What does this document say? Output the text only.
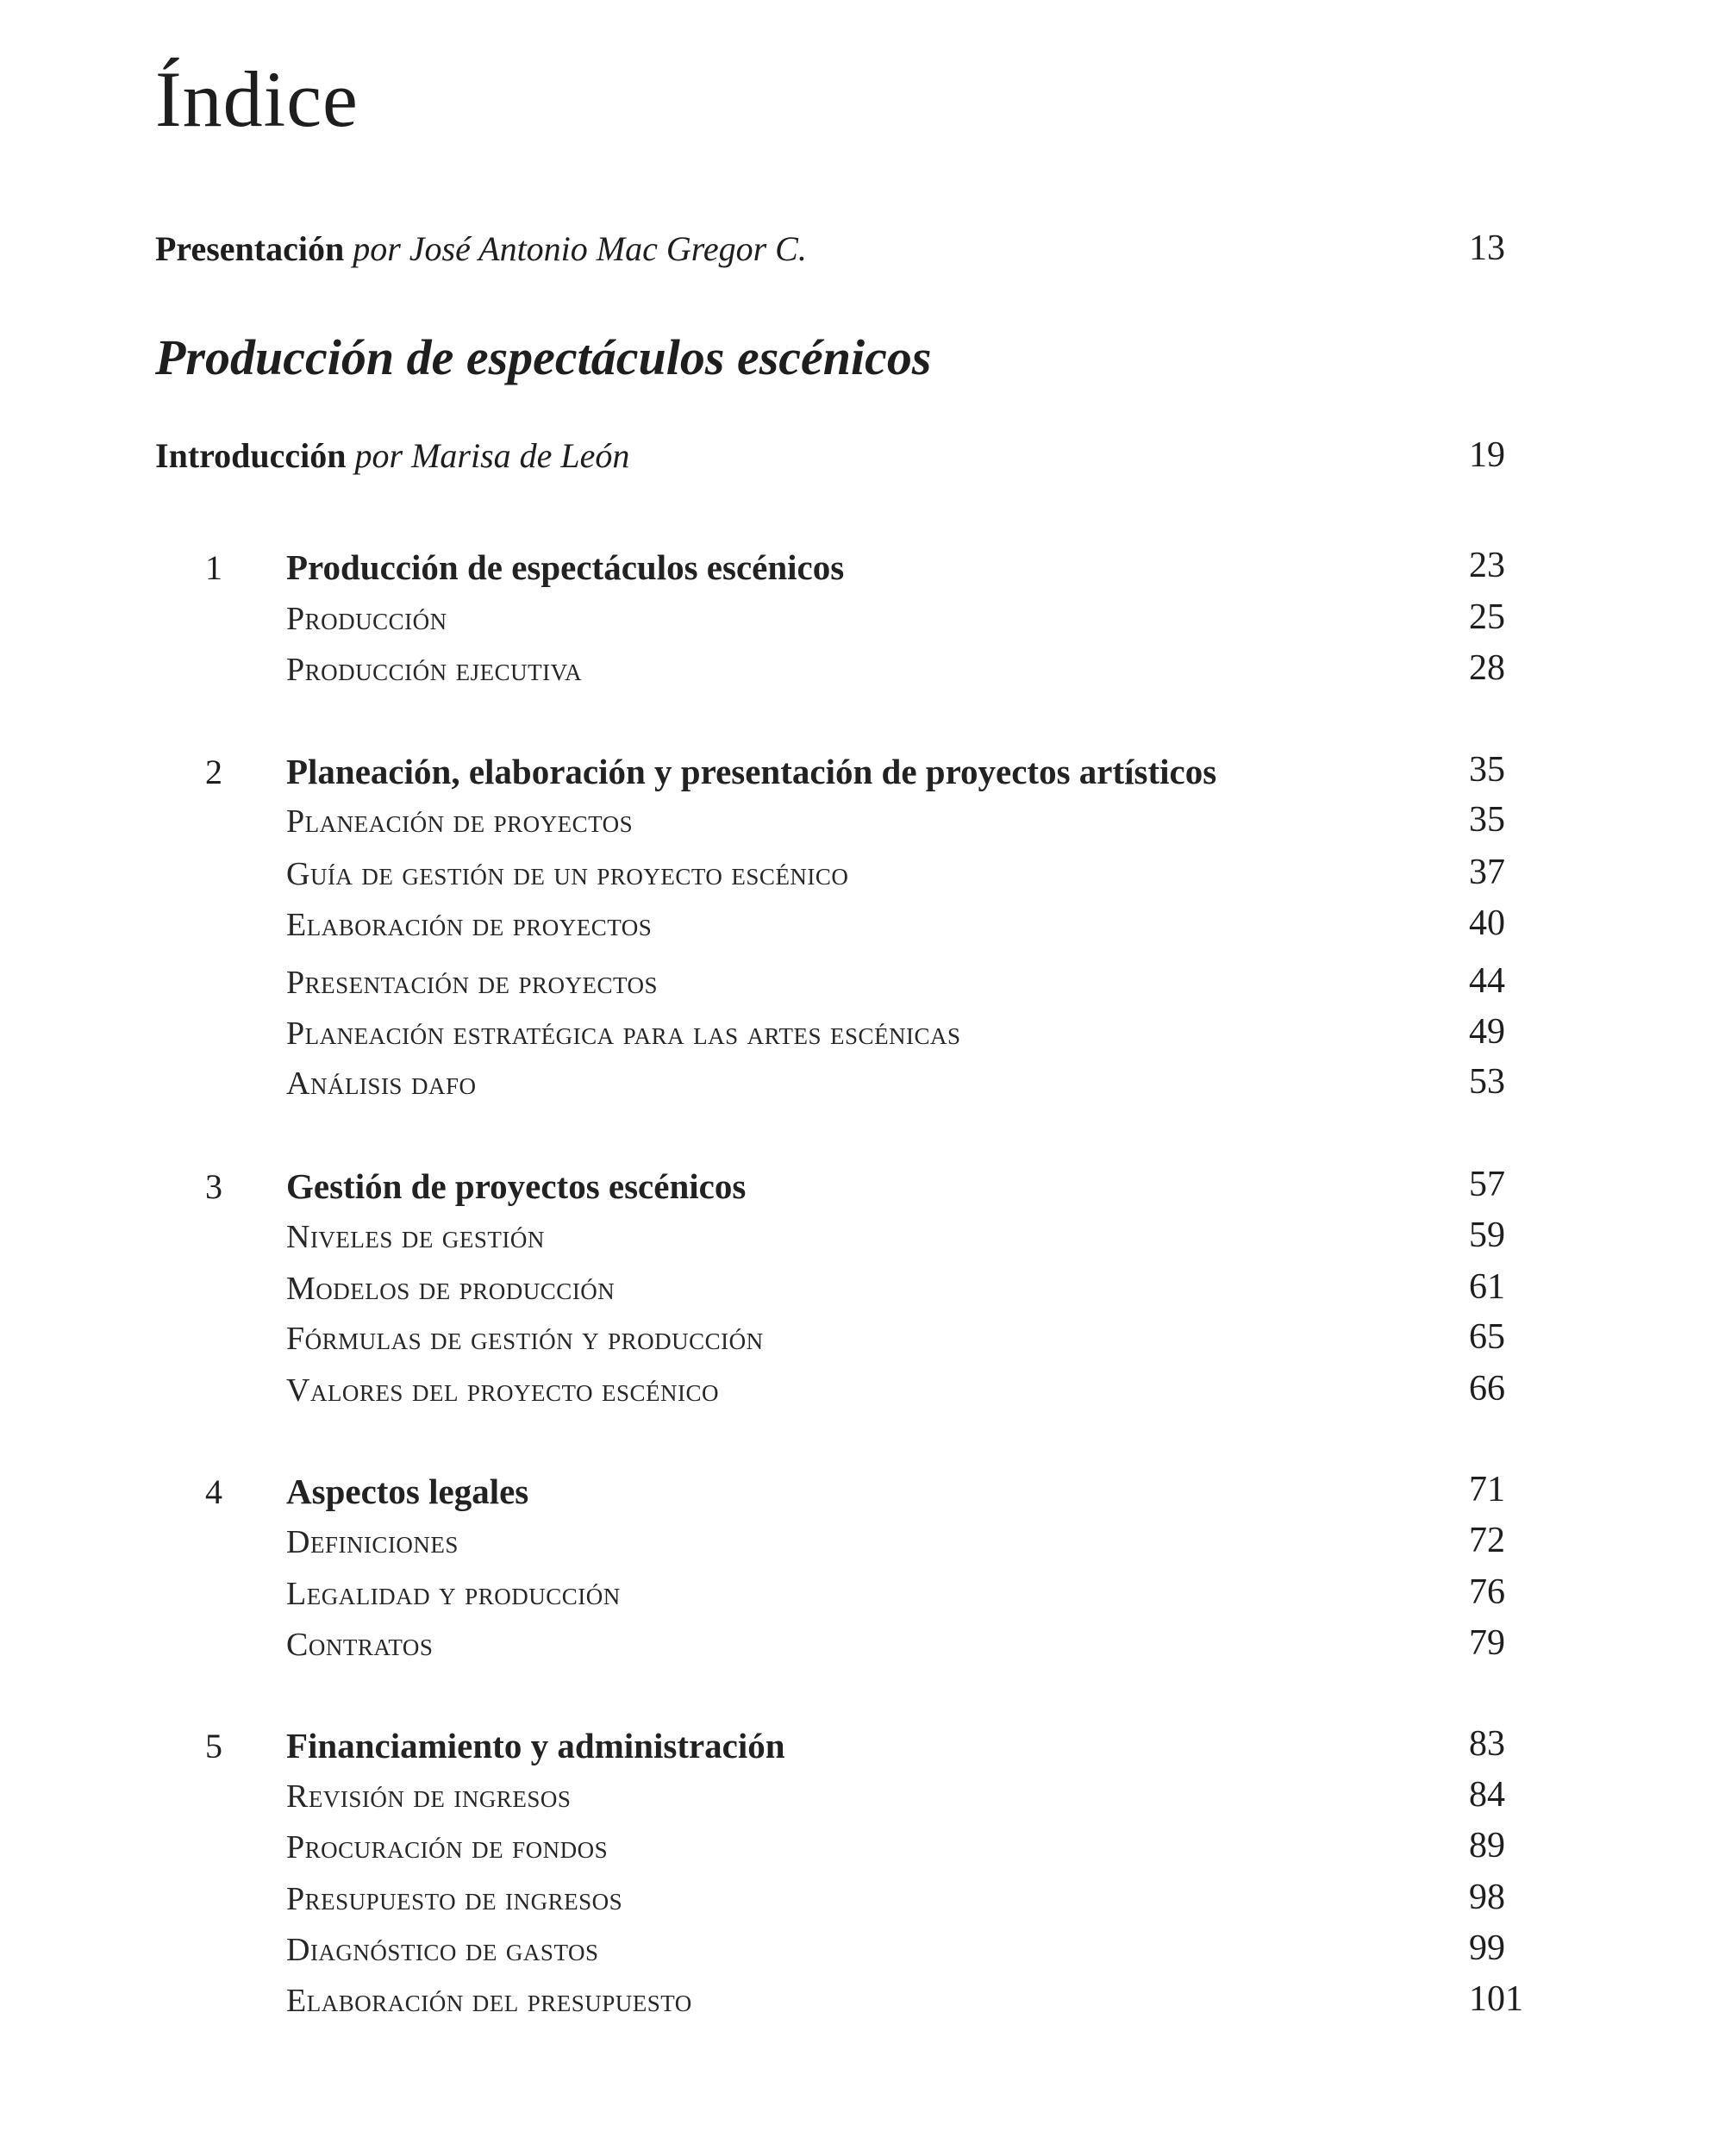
Índice
Presentación por José Antonio Mac Gregor C.	13
Producción de espectáculos escénicos
Introducción por Marisa de León	19
1 Producción de espectáculos escénicos	23
Producción	25
Producción ejecutiva	28
2 Planeación, elaboración y presentación de proyectos artísticos	35
Planeación de proyectos	35
Guía de gestión de un proyecto escénico	37
Elaboración de proyectos	40
Presentación de proyectos	44
Planeación estratégica para las artes escénicas	49
Análisis dafo	53
3 Gestión de proyectos escénicos	57
Niveles de gestión	59
Modelos de producción	61
Fórmulas de gestión y producción	65
Valores del proyecto escénico	66
4 Aspectos legales	71
Definiciones	72
Legalidad y producción	76
Contratos	79
5 Financiamiento y administración	83
Revisión de ingresos	84
Procuración de fondos	89
Presupuesto de ingresos	98
Diagnóstico de gastos	99
Elaboración del presupuesto	101
